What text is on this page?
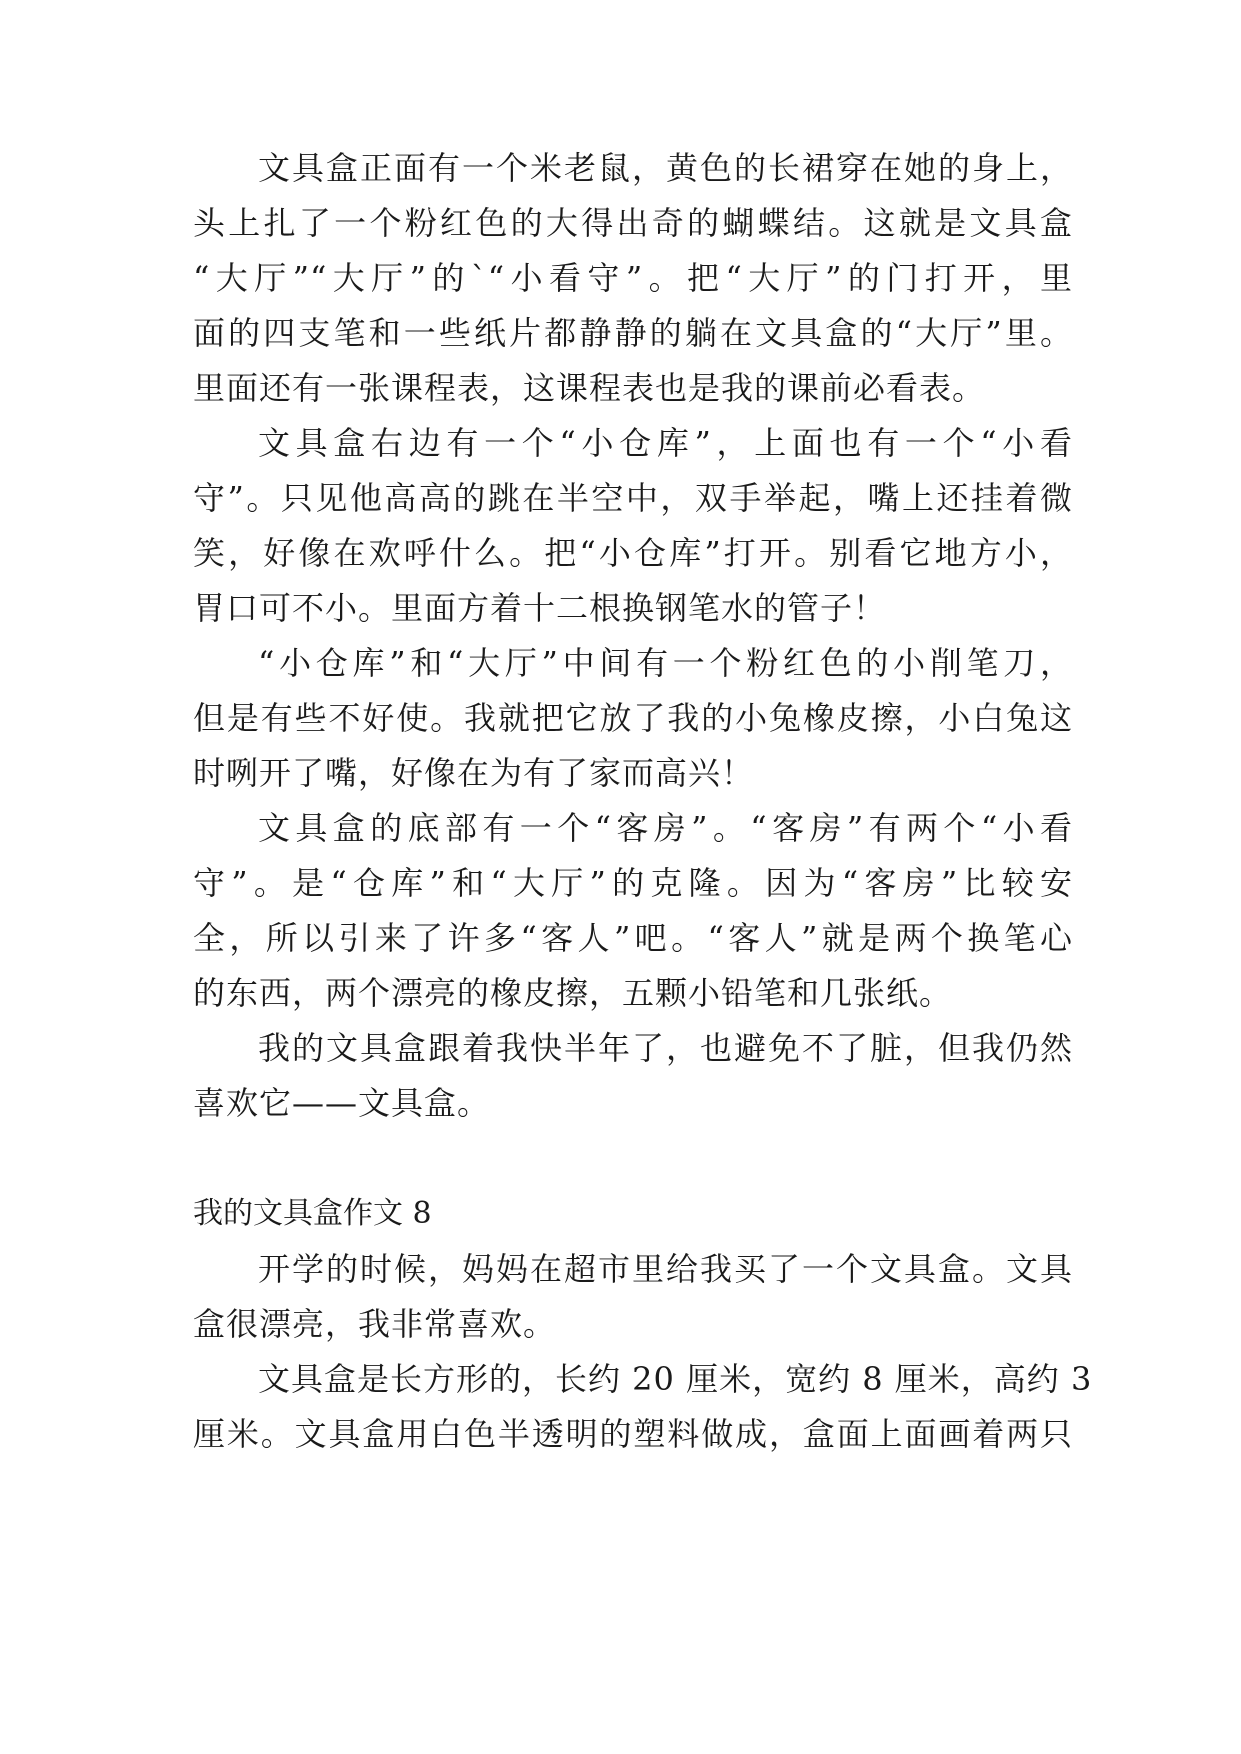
文具盒正面有一个米老鼠，黄色的长裙穿在她的身上，
头上扎了一个粉红色的大得出奇的蝴蝶结。这就是文具盒
“大厅”“大厅”的`“小看守”。把“大厅”的门打开，里
面的四支笔和一些纸片都静静的躺在文具盒的“大厅”里。
里面还有一张课程表，这课程表也是我的课前必看表。
文具盒右边有一个“小仓库”，上面也有一个“小看
守”。只见他高高的跳在半空中，双手举起，嘴上还挂着微
笑，好像在欢呼什么。把“小仓库”打开。别看它地方小，
胃口可不小。里面方着十二根换钢笔水的管子！
“小仓库”和“大厅”中间有一个粉红色的小削笔刀，
但是有些不好使。我就把它放了我的小兔橡皮擦，小白兔这
时咧开了嘴，好像在为有了家而高兴！
文具盒的底部有一个“客房”。“客房”有两个“小看
守”。是“仓库”和“大厅”的克隆。因为“客房”比较安
全，所以引来了许多“客人”吧。“客人”就是两个换笔心
的东西，两个漂亮的橡皮擦，五颗小铅笔和几张纸。
我的文具盒跟着我快半年了，也避免不了脏，但我仍然
喜欢它——文具盒。
我的文具盒作文 8
开学的时候，妈妈在超市里给我买了一个文具盒。文具
盒很漂亮，我非常喜欢。
文具盒是长方形的，长约 20 厘米，宽约 8 厘米，高约 3
厘米。文具盒用白色半透明的塑料做成，盒面上面画着两只
